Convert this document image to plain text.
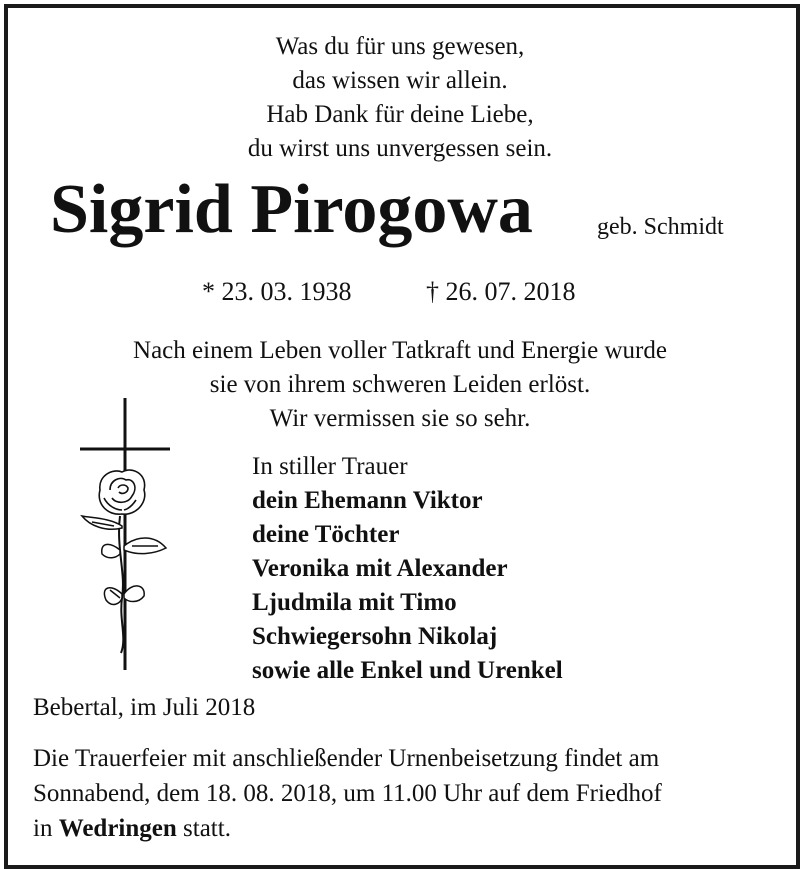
Was du für uns gewesen,
das wissen wir allein.
Hab Dank für deine Liebe,
du wirst uns unvergessen sein.
Sigrid Pirogowa	geb. Schmidt
* 23. 03. 1938	† 26. 07. 2018
Nach einem Leben voller Tatkraft und Energie wurde
sie von ihrem schweren Leiden erlöst.
Wir vermissen sie so sehr.
In stiller Trauer
dein Ehemann Viktor
deine Töchter
Veronika mit Alexander
Ljudmila mit Timo
Schwiegersohn Nikolaj
sowie alle Enkel und Urenkel
Bebertal, im Juli 2018
Die Trauerfeier mit anschließender Urnenbeisetzung findet am
Sonnabend, dem 18. 08. 2018, um 11.00 Uhr auf dem Friedhof
in Wedringen statt.
